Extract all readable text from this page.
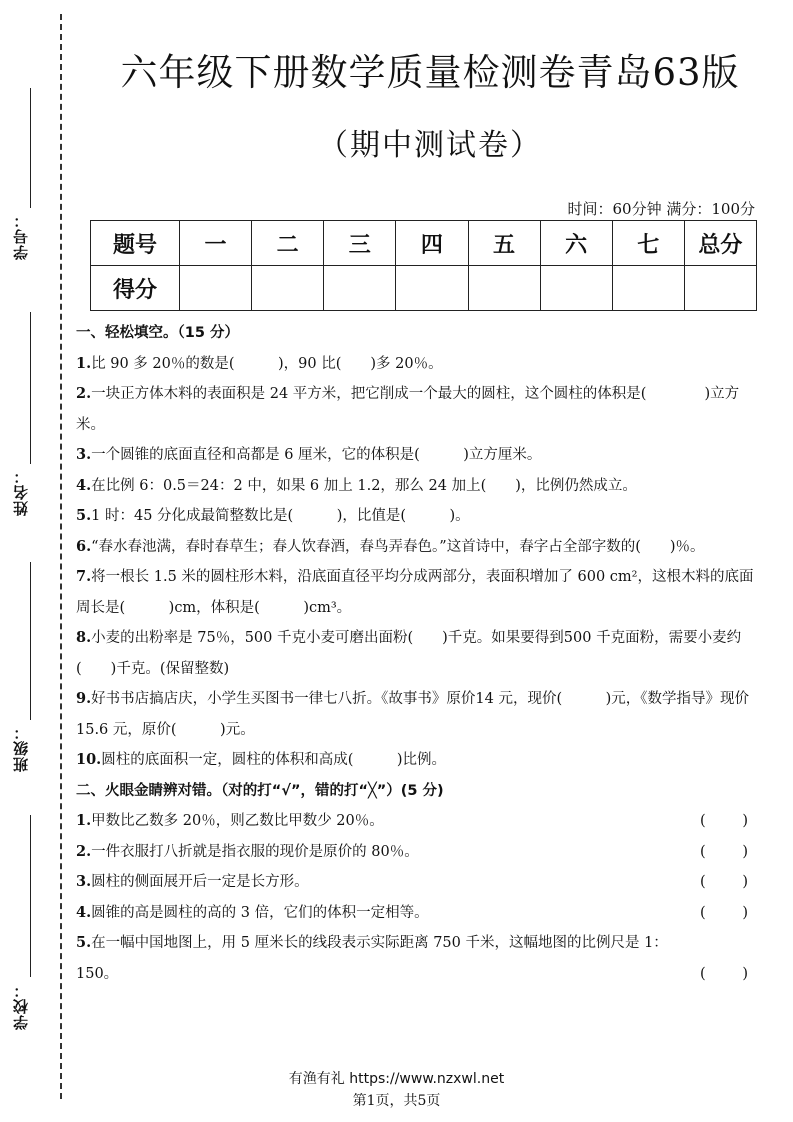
学号：
姓名：
班级：
学校：
六年级下册数学质量检测卷青岛63版
（期中测试卷）
时间：60分钟 满分：100分
题号	一	二	三	四	五	六	七	总分
得分								
一、轻松填空。（15 分）
1.比 90 多 20％的数是(　　　)，90 比(　　)多 20％。
2.一块正方体木料的表面积是 24 平方米，把它削成一个最大的圆柱，这个圆柱的体积是(　　　　)立方米。
3.一个圆锥的底面直径和高都是 6 厘米，它的体积是(　　　)立方厘米。
4.在比例 6：0.5＝24：2 中，如果 6 加上 1.2，那么 24 加上(　　)，比例仍然成立。
5.1 时：45 分化成最简整数比是(　　　)，比值是(　　　)。
6.“春水春池满，春时春草生；春人饮春酒，春鸟弄春色。”这首诗中，春字占全部字数的(　　)％。
7.将一根长 1.5 米的圆柱形木料，沿底面直径平均分成两部分，表面积增加了 600 cm²，这根木料的底面周长是(　　　)cm，体积是(　　　)cm³。
8.小麦的出粉率是 75％，500 千克小麦可磨出面粉(　　)千克。如果要得到500 千克面粉，需要小麦约(　　)千克。(保留整数)
9.好书书店搞店庆，小学生买图书一律七八折。《故事书》原价14 元，现价(　　　)元，《数学指导》现价 15.6 元，原价(　　　)元。
10.圆柱的底面积一定，圆柱的体积和高成(　　　)比例。
二、火眼金睛辨对错。（对的打“√”，错的打“╳”）(5 分)
1.甲数比乙数多 20％，则乙数比甲数少 20％。	(	)
2.一件衣服打八折就是指衣服的现价是原价的 80％。	(	)
3.圆柱的侧面展开后一定是长方形。	(	)
4.圆锥的高是圆柱的高的 3 倍，它们的体积一定相等。	(	)
5.在一幅中国地图上，用 5 厘米长的线段表示实际距离 750 千米，这幅地图的比例尺是 1：150。	(	)
有渔有礼 https://www.nzxwl.net
第1页，共5页
